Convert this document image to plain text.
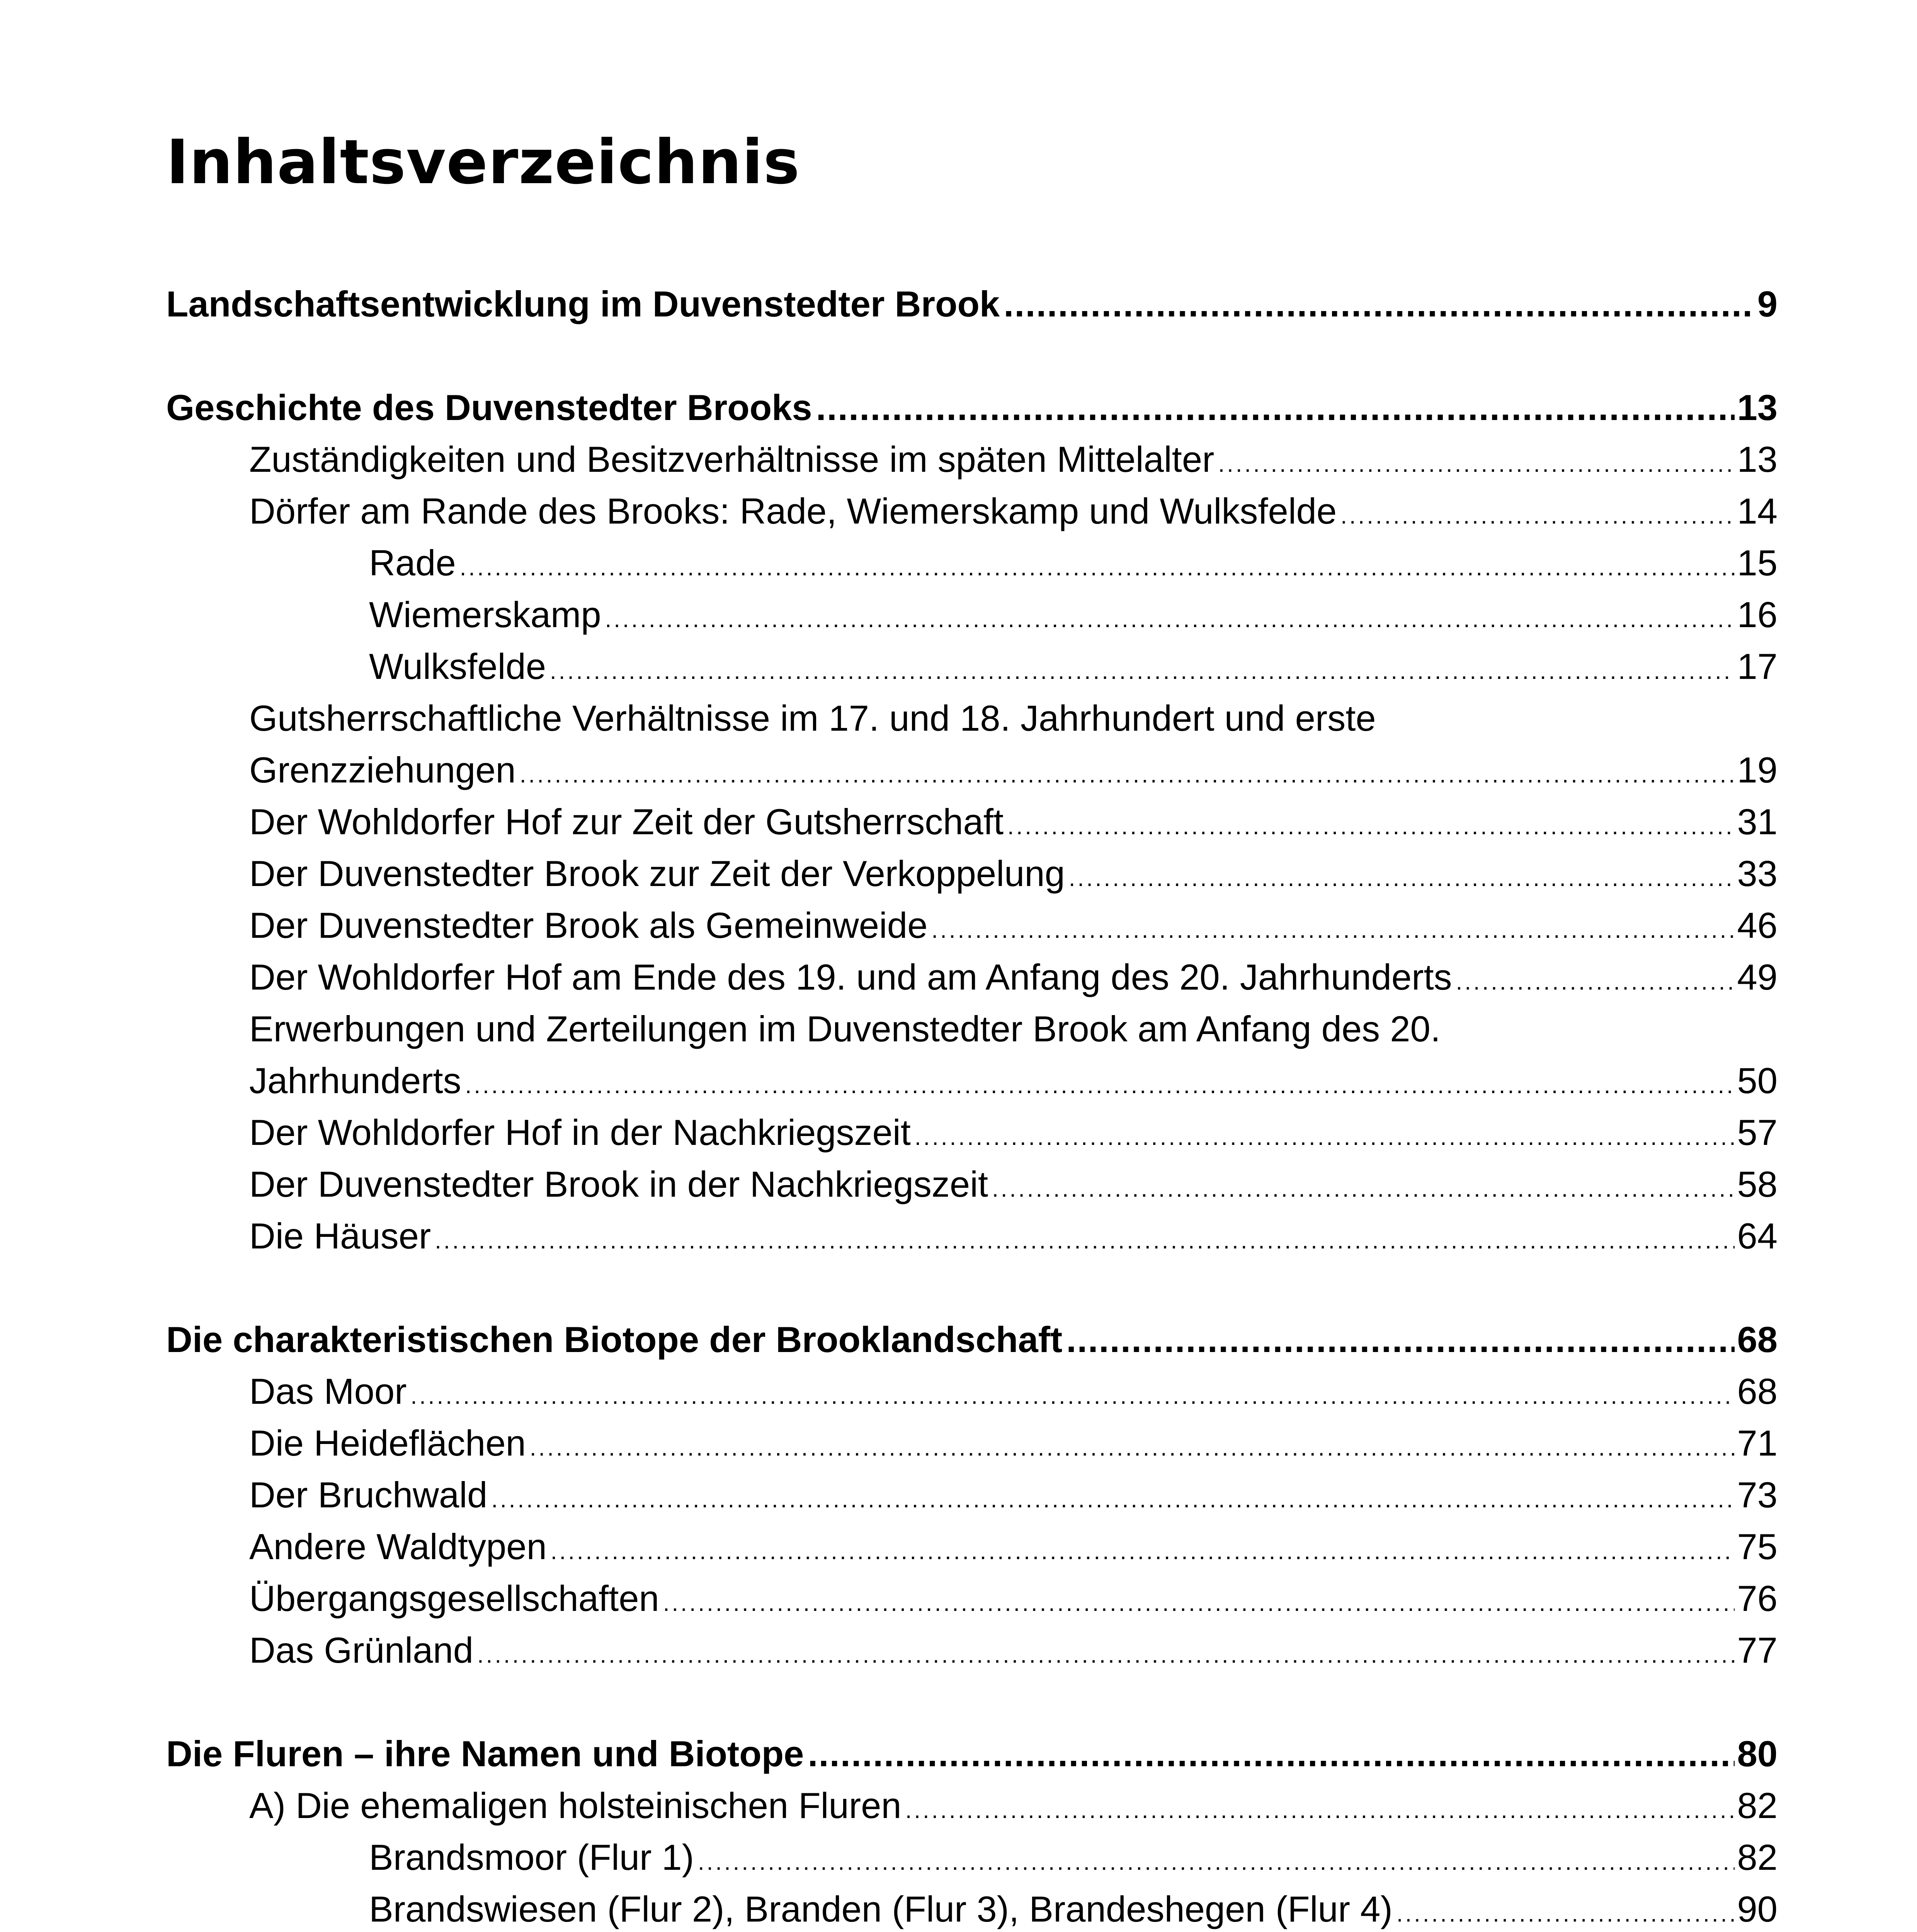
Inhaltsverzeichnis
Landschaftsentwicklung im Duvenstedter Brook .....	9
Geschichte des Duvenstedter Brooks .....	13
Zuständigkeiten und Besitzverhältnisse im späten Mittelalter .....	13
Dörfer am Rande des Brooks: Rade, Wiemerskamp und Wulksfelde .....	14
Rade .....	15
Wiemerskamp .....	16
Wulksfelde .....	17
Gutsherrschaftliche Verhältnisse im 17. und 18. Jahrhundert und erste
Grenzziehungen .....	19
Der Wohldorfer Hof zur Zeit der Gutsherrschaft .....	31
Der Duvenstedter Brook zur Zeit der Verkoppelung .....	33
Der Duvenstedter Brook als Gemeinweide .....	46
Der Wohldorfer Hof am Ende des 19. und am Anfang des 20. Jahrhunderts .....	49
Erwerbungen und Zerteilungen im Duvenstedter Brook am Anfang des 20.
Jahrhunderts .....	50
Der Wohldorfer Hof in der Nachkriegszeit .....	57
Der Duvenstedter Brook in der Nachkriegszeit .....	58
Die Häuser .....	64
Die charakteristischen Biotope der Brooklandschaft .....	68
Das Moor .....	68
Die Heideflächen .....	71
Der Bruchwald .....	73
Andere Waldtypen .....	75
Übergangsgesellschaften .....	76
Das Grünland .....	77
Die Fluren – ihre Namen und Biotope .....	80
A) Die ehemaligen holsteinischen Fluren .....	82
Brandsmoor (Flur 1) .....	82
Brandswiesen (Flur 2), Branden (Flur 3), Brandeshegen (Flur 4) .....	90
